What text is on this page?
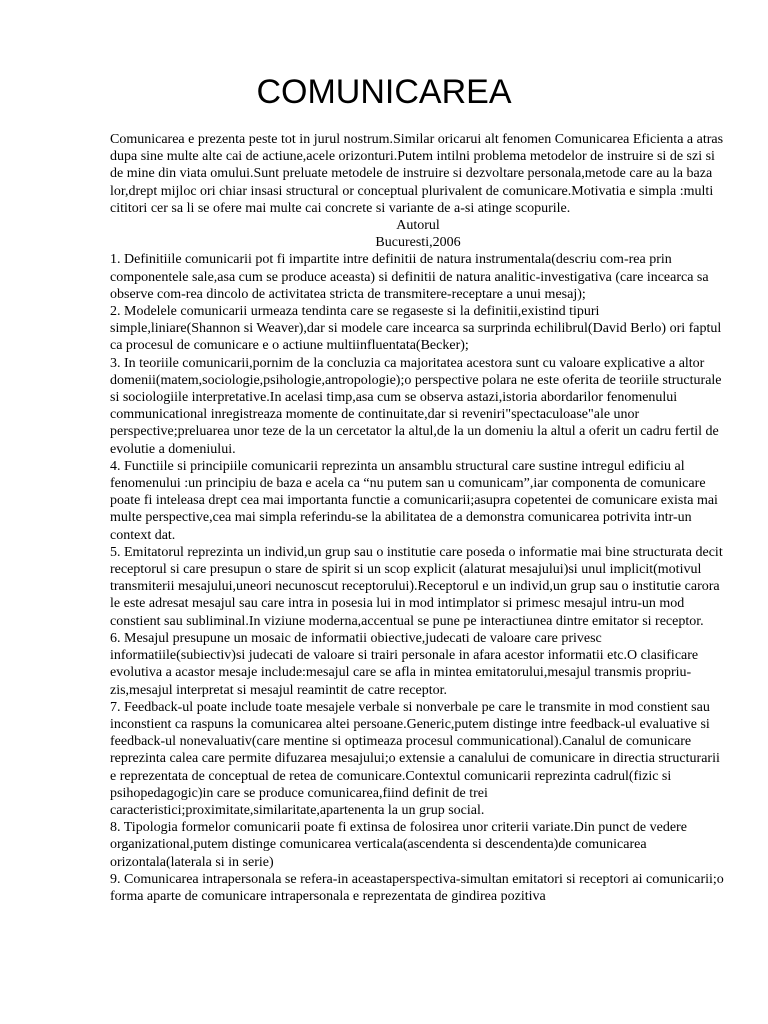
COMUNICAREA

Comunicarea e prezenta peste tot in jurul nostrum.Similar oricarui alt fenomen Comunicarea Eficienta a atras dupa sine multe alte cai de actiune,acele orizonturi.Putem intilni problema metodelor de instruire si de szi si de mine din viata omului.Sunt preluate metodele de instruire si dezvoltare personala,metode care au la baza lor,drept mijloc ori chiar insasi structural or conceptual plurivalent de comunicare.Motivatia e simpla :multi cititori cer sa li se ofere mai multe cai concrete si variante de a-si atinge scopurile.

Autorul

Bucuresti,2006

1. Definitiile comunicarii pot fi impartite intre definitii de natura instrumentala(descriu com-rea prin componentele sale,asa cum se produce aceasta) si definitii de natura analitic-investigativa (care incearca sa observe com-rea dincolo de activitatea stricta de transmitere-receptare a unui mesaj);

2. Modelele comunicarii urmeaza tendinta care se regaseste si la definitii,existind tipuri simple,liniare(Shannon si Weaver),dar si modele care incearca sa surprinda echilibrul(David Berlo) ori faptul ca procesul de comunicare e o actiune multiinfluentata(Becker);

3. In teoriile comunicarii,pornim de la concluzia ca majoritatea acestora sunt cu valoare explicative a altor domenii(matem,sociologie,psihologie,antropologie);o perspective polara ne este oferita de teoriile structurale si sociologiile interpretative.In acelasi timp,asa cum se observa astazi,istoria abordarilor fenomenului communicational inregistreaza momente de continuitate,dar si reveniri"spectaculoase"ale unor perspective;preluarea unor teze de la un cercetator la altul,de la un domeniu la altul a oferit un cadru fertil de evolutie a domeniului.

4. Functiile si principiile comunicarii reprezinta un ansamblu structural care sustine intregul edificiu al fenomenului :un principiu de baza e acela ca “nu putem san u comunicam”,iar componenta de comunicare poate fi inteleasa drept cea mai importanta functie a comunicarii;asupra copetentei de comunicare exista mai multe perspective,cea mai simpla referindu-se la abilitatea de a demonstra comunicarea potrivita intr-un context dat.

5. Emitatorul reprezinta un individ,un grup sau o institutie care poseda o informatie mai bine structurata decit receptorul si care presupun o stare de spirit si un scop explicit (alaturat mesajului)si unul implicit(motivul transmiterii mesajului,uneori necunoscut receptorului).Receptorul e un individ,un grup sau o institutie carora le este adresat mesajul sau care intra in posesia lui in mod intimplator si primesc mesajul intru-un mod constient sau subliminal.In viziune moderna,accentual se pune pe interactiunea dintre emitator si receptor.

6. Mesajul presupune un mosaic de informatii obiective,judecati de valoare care privesc informatiile(subiectiv)si judecati de valoare si trairi personale in afara acestor informatii etc.O clasificare evolutiva a acastor mesaje include:mesajul care se afla in mintea emitatorului,mesajul transmis propriu-zis,mesajul interpretat si mesajul reamintit de catre receptor.

7. Feedback-ul poate include toate mesajele verbale si nonverbale pe care le transmite in mod constient sau inconstient ca raspuns la comunicarea altei persoane.Generic,putem distinge intre feedback-ul evaluative si feedback-ul nonevaluativ(care mentine si optimeaza procesul communicational).Canalul de comunicare reprezinta calea care permite difuzarea mesajului;o extensie a canalului de comunicare in directia structurarii e reprezentata de conceptual de retea de comunicare.Contextul comunicarii reprezinta cadrul(fizic si psihopedagogic)in care se produce comunicarea,fiind definit de trei caracteristici;proximitate,similaritate,apartenenta la un grup social.

8. Tipologia formelor comunicarii poate fi extinsa de folosirea unor criterii variate.Din punct de vedere organizational,putem distinge comunicarea verticala(ascendenta si descendenta)de comunicarea orizontala(laterala si in serie)

9. Comunicarea intrapersonala se refera-in aceastaperspectiva-simultan emitatori si receptori ai comunicarii;o forma aparte de comunicare intrapersonala e reprezentata de gindirea pozitiva
